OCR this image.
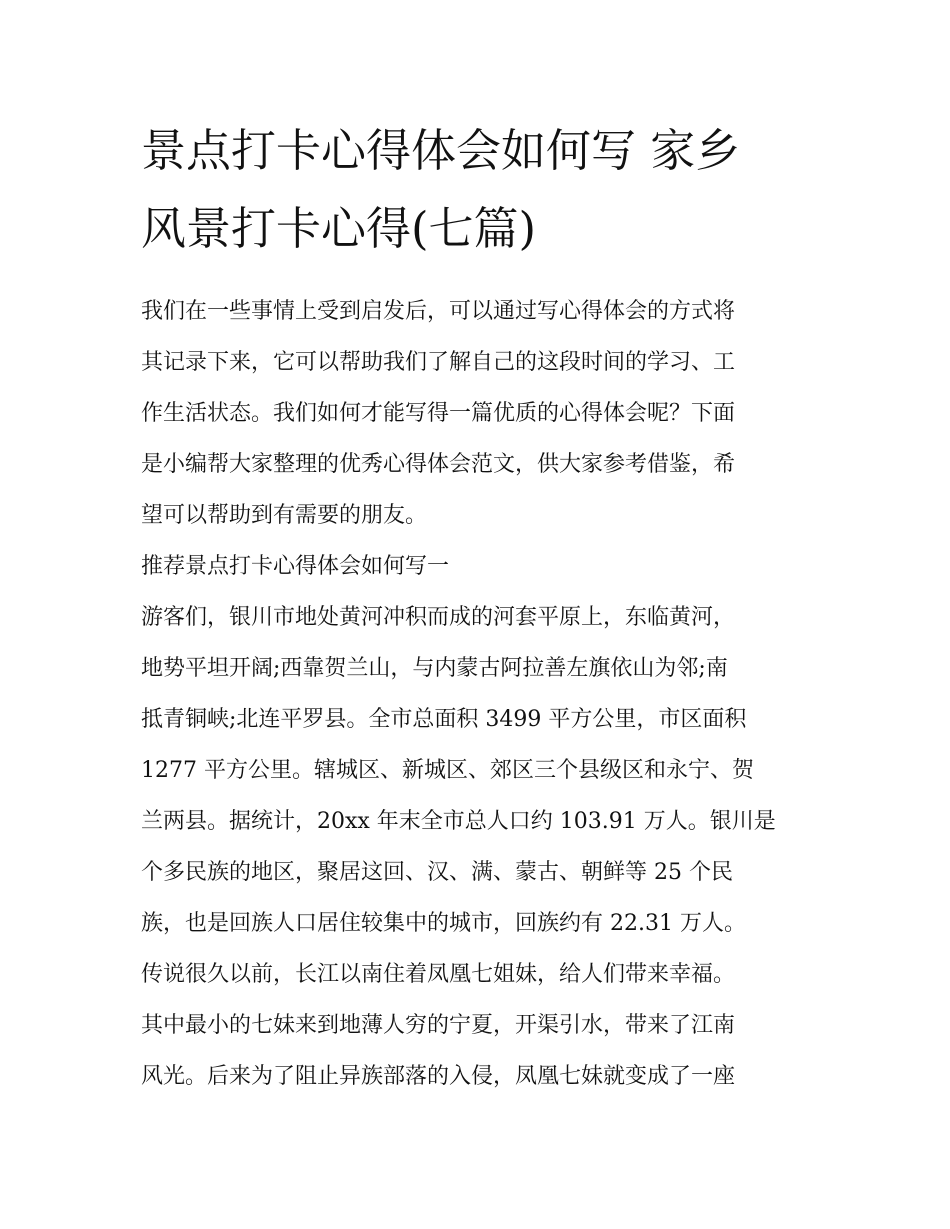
景点打卡心得体会如何写 家乡
风景打卡心得(七篇)

我们在一些事情上受到启发后，可以通过写心得体会的方式将
其记录下来，它可以帮助我们了解自己的这段时间的学习、工
作生活状态。我们如何才能写得一篇优质的心得体会呢？下面
是小编帮大家整理的优秀心得体会范文，供大家参考借鉴，希
望可以帮助到有需要的朋友。

推荐景点打卡心得体会如何写一

游客们，银川市地处黄河冲积而成的河套平原上，东临黄河，
地势平坦开阔;西靠贺兰山，与内蒙古阿拉善左旗依山为邻;南
抵青铜峡;北连平罗县。全市总面积 3499 平方公里，市区面积
1277 平方公里。辖城区、新城区、郊区三个县级区和永宁、贺
兰两县。据统计，20xx 年末全市总人口约 103.91 万人。银川是
个多民族的地区，聚居这回、汉、满、蒙古、朝鲜等 25 个民
族，也是回族人口居住较集中的城市，回族约有 22.31 万人。
传说很久以前，长江以南住着凤凰七姐妹，给人们带来幸福。
其中最小的七妹来到地薄人穷的宁夏，开渠引水，带来了江南
风光。后来为了阻止异族部落的入侵，凤凰七妹就变成了一座
